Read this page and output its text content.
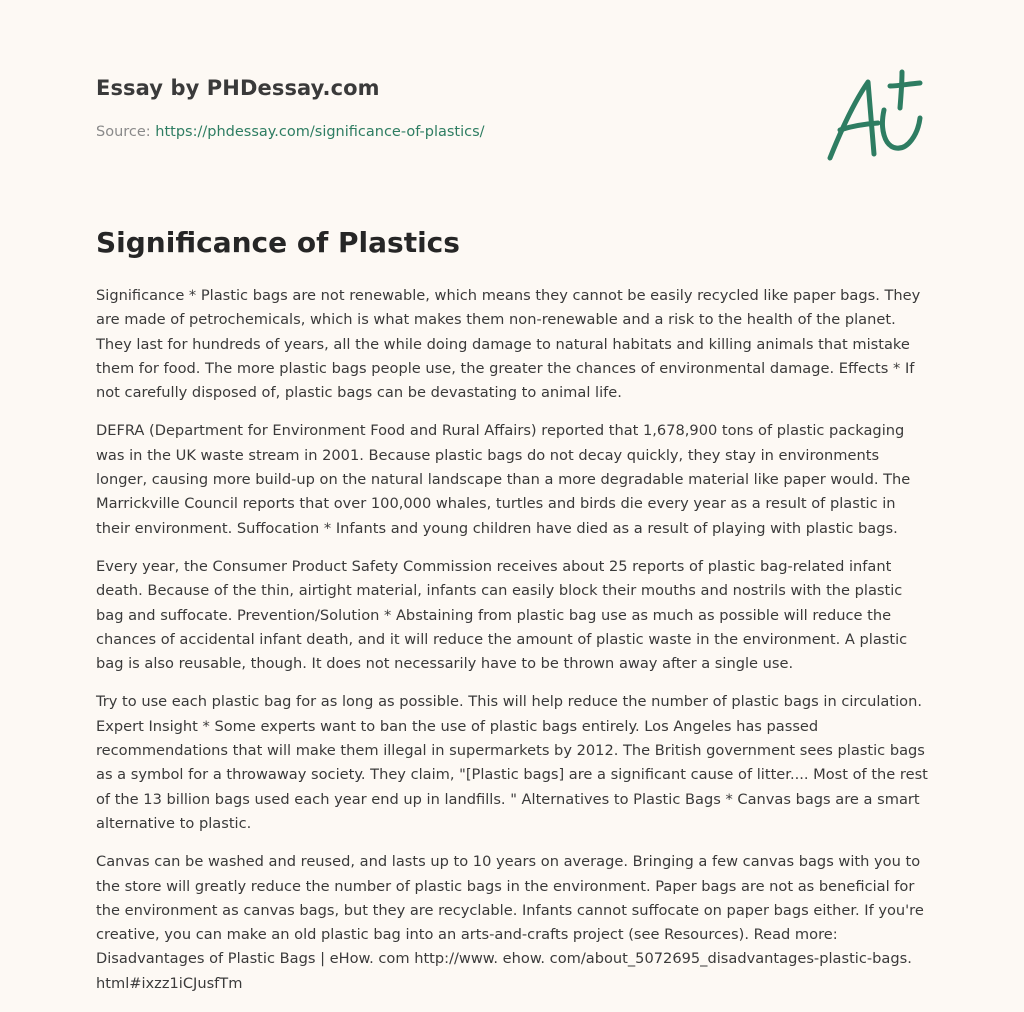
Essay by PHDessay.com
Source: https://phdessay.com/significance-of-plastics/
Significance of Plastics

Significance * Plastic bags are not renewable, which means they cannot be easily recycled like paper bags. They are made of petrochemicals, which is what makes them non-renewable and a risk to the health of the planet. They last for hundreds of years, all the while doing damage to natural habitats and killing animals that mistake them for food. The more plastic bags people use, the greater the chances of environmental damage. Effects * If not carefully disposed of, plastic bags can be devastating to animal life.

DEFRA (Department for Environment Food and Rural Affairs) reported that 1,678,900 tons of plastic packaging was in the UK waste stream in 2001. Because plastic bags do not decay quickly, they stay in environments longer, causing more build-up on the natural landscape than a more degradable material like paper would. The Marrickville Council reports that over 100,000 whales, turtles and birds die every year as a result of plastic in their environment. Suffocation * Infants and young children have died as a result of playing with plastic bags.

Every year, the Consumer Product Safety Commission receives about 25 reports of plastic bag-related infant death. Because of the thin, airtight material, infants can easily block their mouths and nostrils with the plastic bag and suffocate. Prevention/Solution * Abstaining from plastic bag use as much as possible will reduce the chances of accidental infant death, and it will reduce the amount of plastic waste in the environment. A plastic bag is also reusable, though. It does not necessarily have to be thrown away after a single use.

Try to use each plastic bag for as long as possible. This will help reduce the number of plastic bags in circulation. Expert Insight * Some experts want to ban the use of plastic bags entirely. Los Angeles has passed recommendations that will make them illegal in supermarkets by 2012. The British government sees plastic bags as a symbol for a throwaway society. They claim, "[Plastic bags] are a significant cause of litter.... Most of the rest of the 13 billion bags used each year end up in landfills. " Alternatives to Plastic Bags * Canvas bags are a smart alternative to plastic.

Canvas can be washed and reused, and lasts up to 10 years on average. Bringing a few canvas bags with you to the store will greatly reduce the number of plastic bags in the environment. Paper bags are not as beneficial for the environment as canvas bags, but they are recyclable. Infants cannot suffocate on paper bags either. If you're creative, you can make an old plastic bag into an arts-and-crafts project (see Resources). Read more: Disadvantages of Plastic Bags | eHow. com http://www. ehow. com/about_5072695_disadvantages-plastic-bags. html#ixzz1iCJusfTm
